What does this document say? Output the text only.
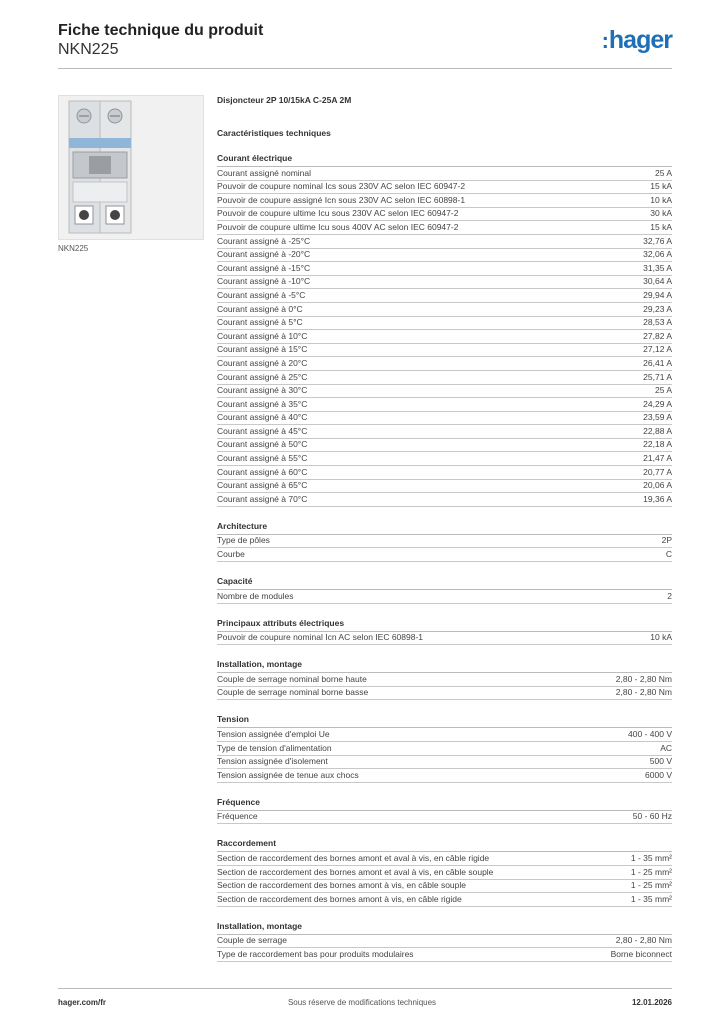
Fiche technique du produit
NKN225	:hager
NKN225
Disjoncteur 2P 10/15kA C-25A 2M
Caractéristiques techniques
Courant électrique
Courant assigné nominal	25 A
Pouvoir de coupure nominal Ics sous 230V AC selon IEC 60947-2	15 kA
Pouvoir de coupure assigné Icn sous 230V AC selon IEC 60898-1	10 kA
Pouvoir de coupure ultime Icu sous 230V AC selon IEC 60947-2	30 kA
Pouvoir de coupure ultime Icu sous 400V AC selon IEC 60947-2	15 kA
Courant assigné à -25°C	32,76 A
Courant assigné à -20°C	32,06 A
Courant assigné à -15°C	31,35 A
Courant assigné à -10°C	30,64 A
Courant assigné à -5°C	29,94 A
Courant assigné à 0°C	29,23 A
Courant assigné à 5°C	28,53 A
Courant assigné à 10°C	27,82 A
Courant assigné à 15°C	27,12 A
Courant assigné à 20°C	26,41 A
Courant assigné à 25°C	25,71 A
Courant assigné à 30°C	25 A
Courant assigné à 35°C	24,29 A
Courant assigné à 40°C	23,59 A
Courant assigné à 45°C	22,88 A
Courant assigné à 50°C	22,18 A
Courant assigné à 55°C	21,47 A
Courant assigné à 60°C	20,77 A
Courant assigné à 65°C	20,06 A
Courant assigné à 70°C	19,36 A
Architecture
Type de pôles	2P
Courbe	C
Capacité
Nombre de modules	2
Principaux attributs électriques
Pouvoir de coupure nominal Icn AC selon IEC 60898-1	10 kA
Installation, montage
Couple de serrage nominal borne haute	2,80 - 2,80 Nm
Couple de serrage nominal borne basse	2,80 - 2,80 Nm
Tension
Tension assignée d'emploi Ue	400 - 400 V
Type de tension d'alimentation	AC
Tension assignée d'isolement	500 V
Tension assignée de tenue aux chocs	6000 V
Fréquence
Fréquence	50 - 60 Hz
Raccordement
Section de raccordement des bornes amont et aval à vis, en câble rigide	1 - 35 mm²
Section de raccordement des bornes amont et aval à vis, en câble souple	1 - 25 mm²
Section de raccordement des bornes amont à vis, en câble souple	1 - 25 mm²
Section de raccordement des bornes amont à vis, en câble rigide	1 - 35 mm²
Installation, montage
Couple de serrage	2,80 - 2,80 Nm
Type de raccordement bas pour produits modulaires	Borne biconnect
hager.com/fr	Sous réserve de modifications techniques	12.01.2026
